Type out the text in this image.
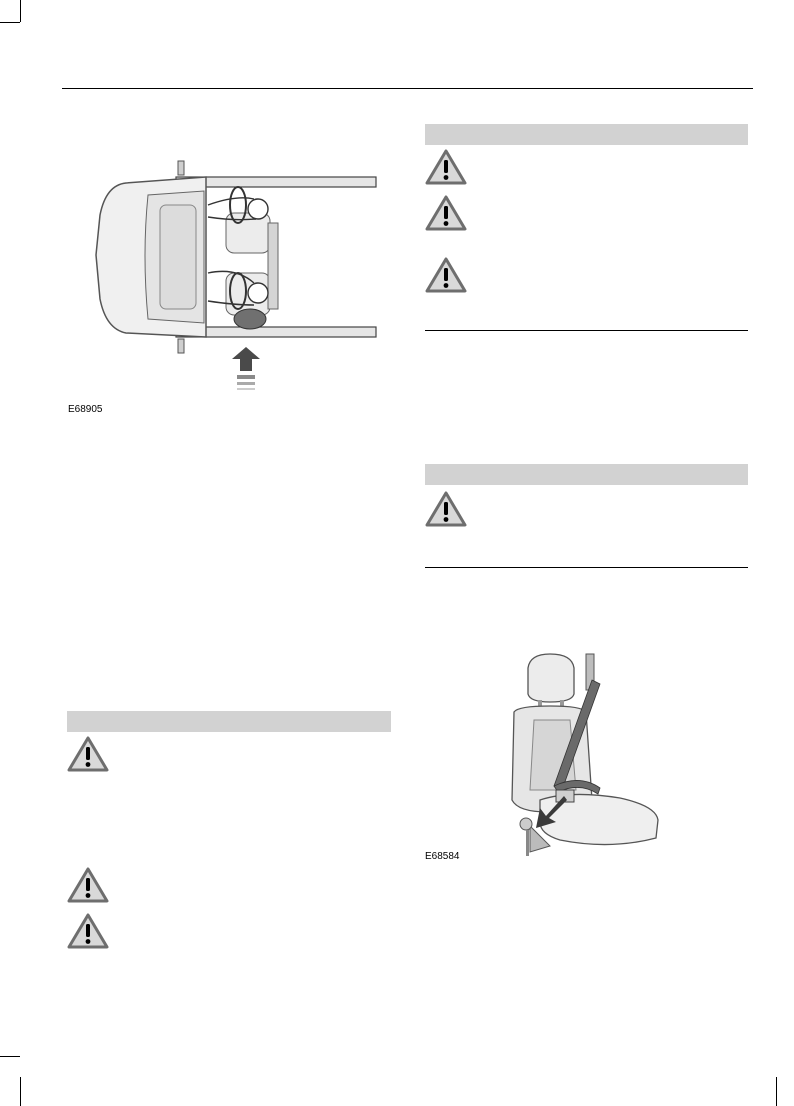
E68905
E68584
